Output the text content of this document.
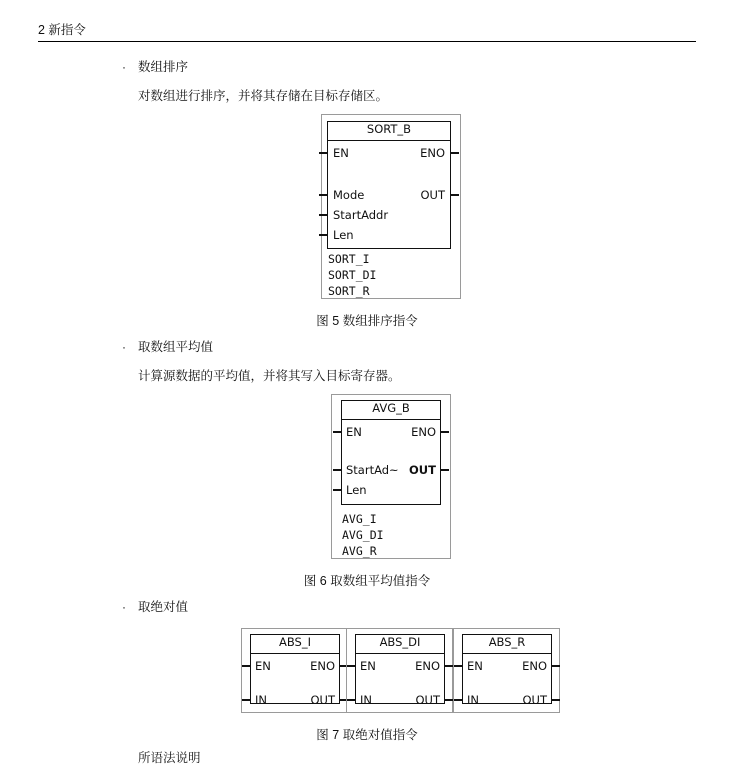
2 新指令
· 数组排序
对数组进行排序，并将其存储在目标存储区。
SORT_B
EN
Mode
StartAddr
Len
ENO
OUT
SORT_I
SORT_DI
SORT_R
图 5 数组排序指令
· 取数组平均值
计算源数据的平均值，并将其写入目标寄存器。
AVG_B
EN
StartAd~
Len
ENO
OUT
AVG_I
AVG_DI
AVG_R
图 6 取数组平均值指令
· 取绝对值
ABS_I
EN
IN
ENO
OUT
ABS_DI
EN
IN
ENO
OUT
ABS_R
EN
IN
ENO
OUT
图 7 取绝对值指令
所语法说明
